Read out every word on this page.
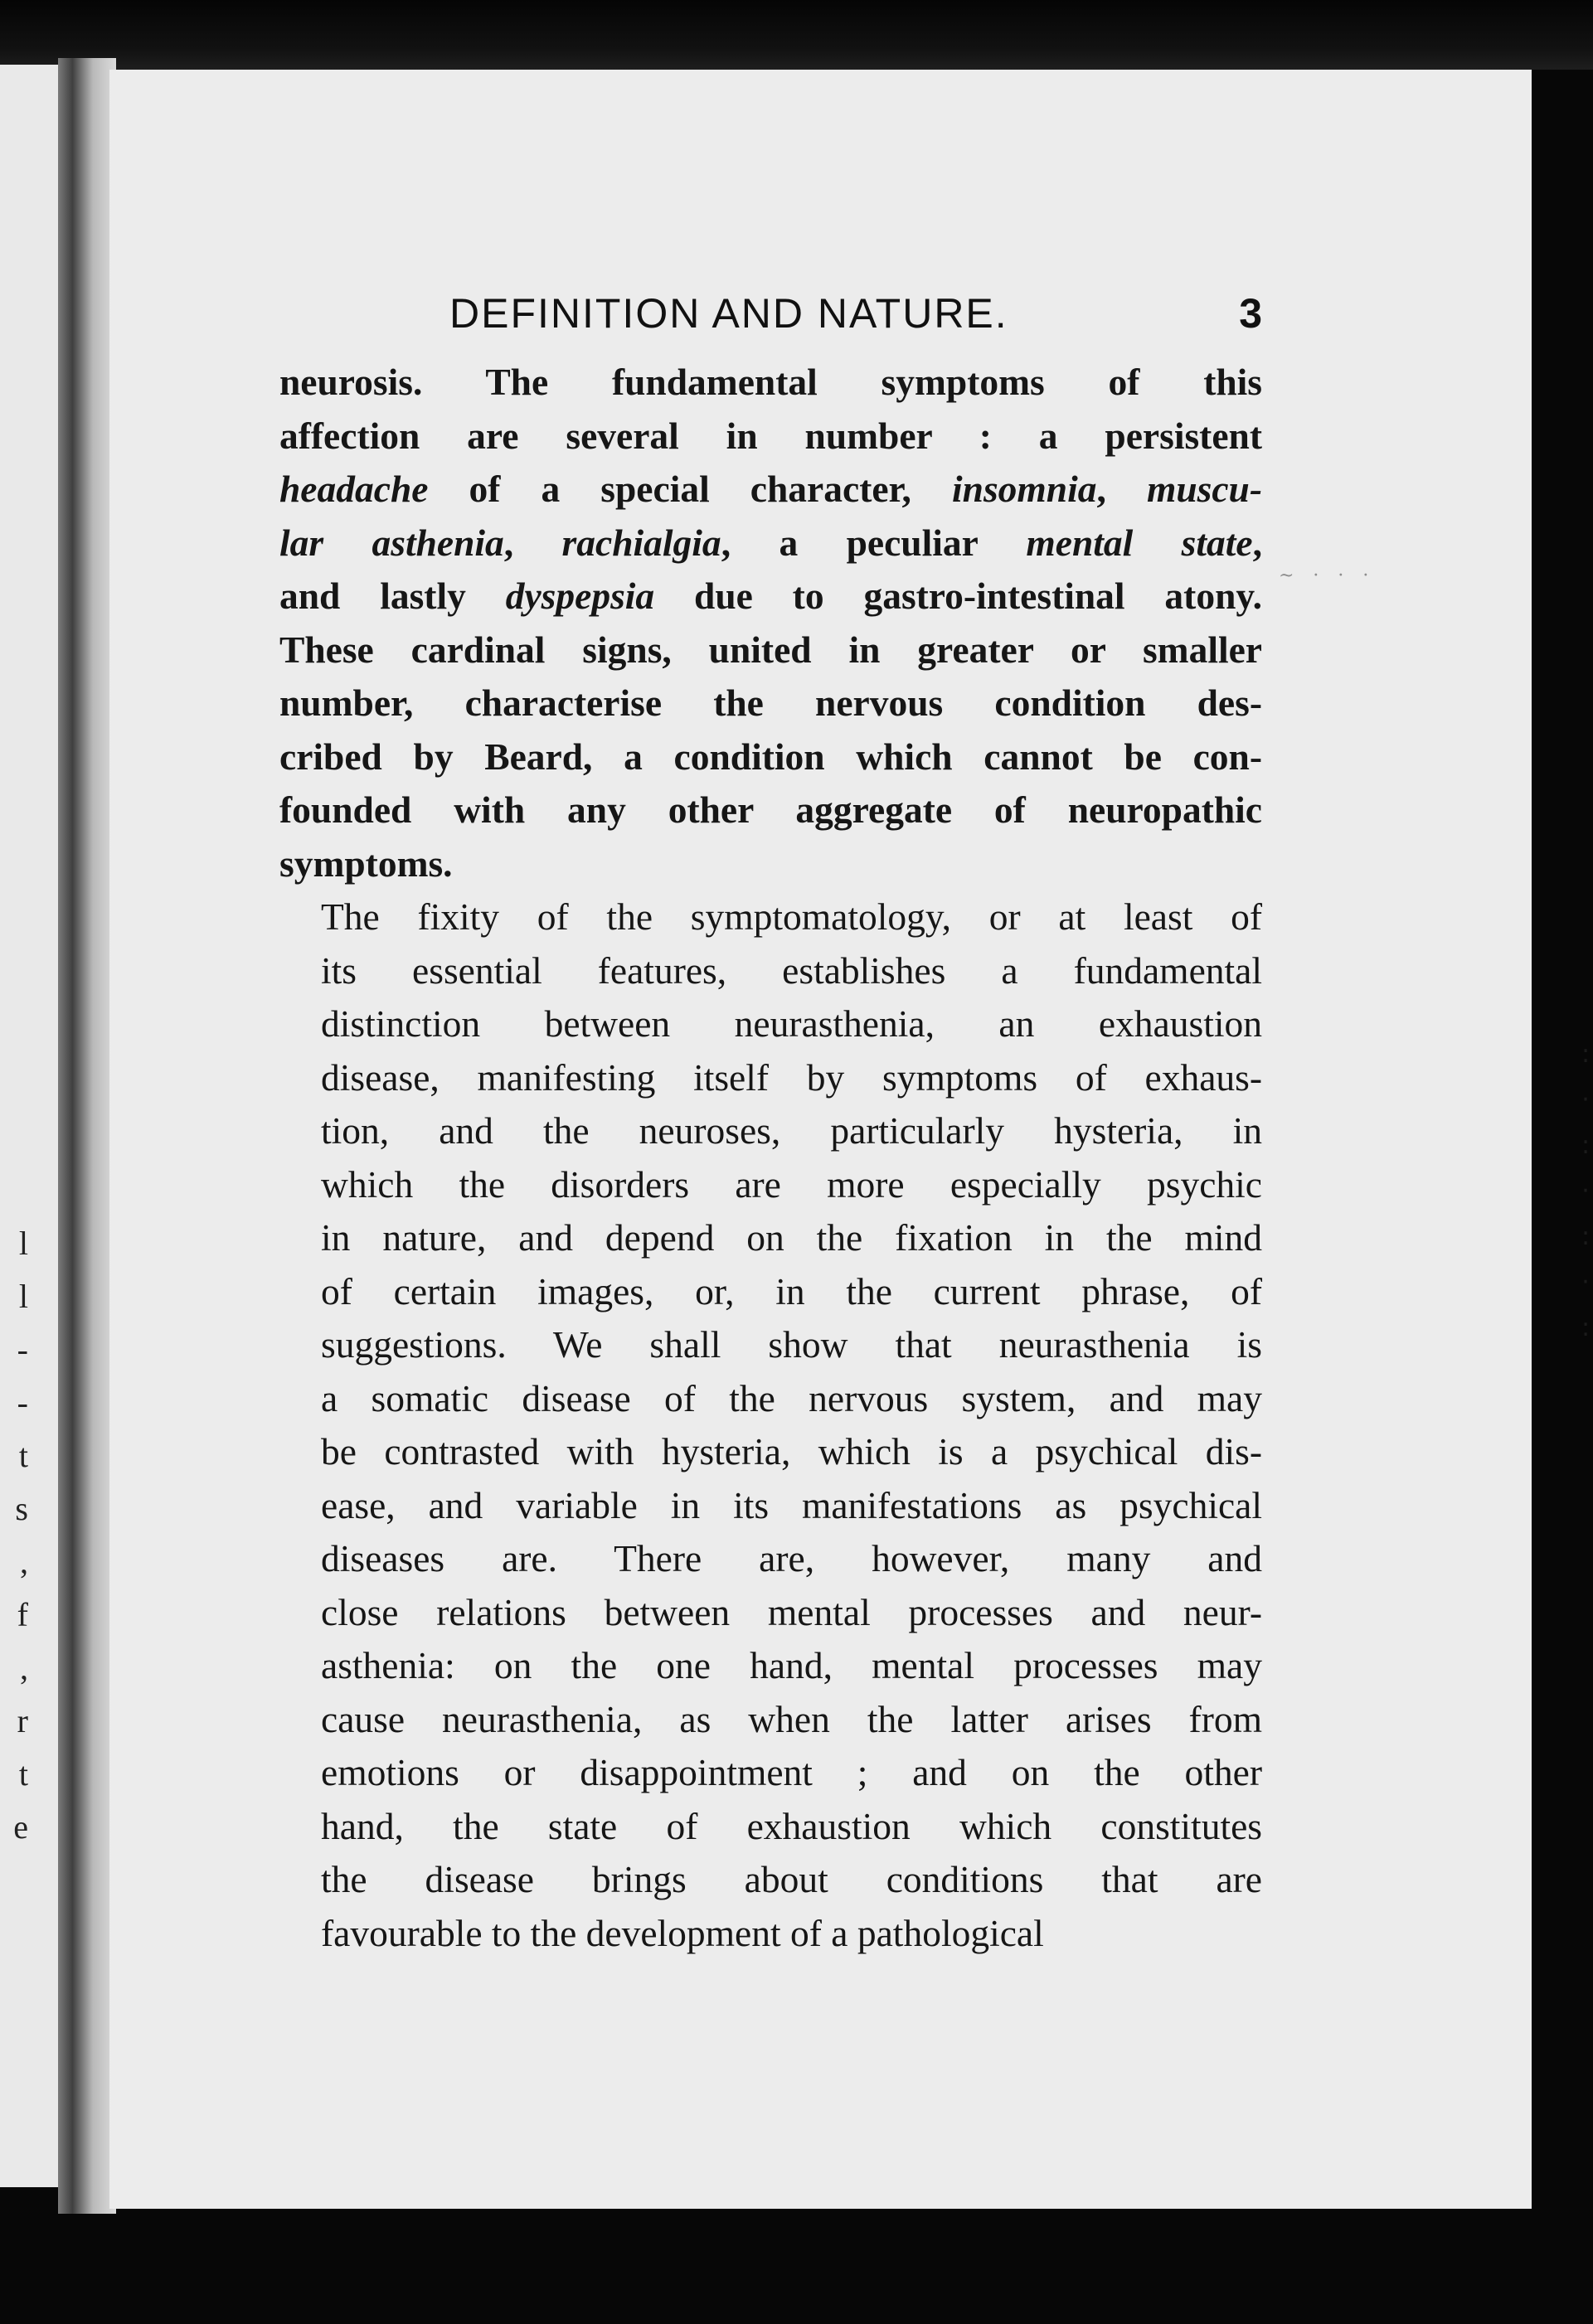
l
l
-
-
t
s
,
f
,
r
t
e
DEFINITION AND NATURE.	3

neurosis. The fundamental symptoms of this
affection are several in number : a persistent
headache of a special character, insomnia, muscu-
lar asthenia, rachialgia, a peculiar mental state,
and lastly dyspepsia due to gastro-intestinal atony.
These cardinal signs, united in greater or smaller
number, characterise the nervous condition des-
cribed by Beard, a condition which cannot be con-
founded with any other aggregate of neuropathic
symptoms.

The fixity of the symptomatology, or at least of
its essential features, establishes a fundamental
distinction between neurasthenia, an exhaustion
disease, manifesting itself by symptoms of exhaus-
tion, and the neuroses, particularly hysteria, in
which the disorders are more especially psychic
in nature, and depend on the fixation in the mind
of certain images, or, in the current phrase, of
suggestions. We shall show that neurasthenia is
a somatic disease of the nervous system, and may
be contrasted with hysteria, which is a psychical dis-
ease, and variable in its manifestations as psychical
diseases are. There are, however, many and
close relations between mental processes and neur-
asthenia: on the one hand, mental processes may
cause neurasthenia, as when the latter arises from
emotions or disappointment ; and on the other
hand, the state of exhaustion which constitutes
the disease brings about conditions that are
favourable to the development of a pathological

~ · · ·
:
·
:
·
:
·
:
